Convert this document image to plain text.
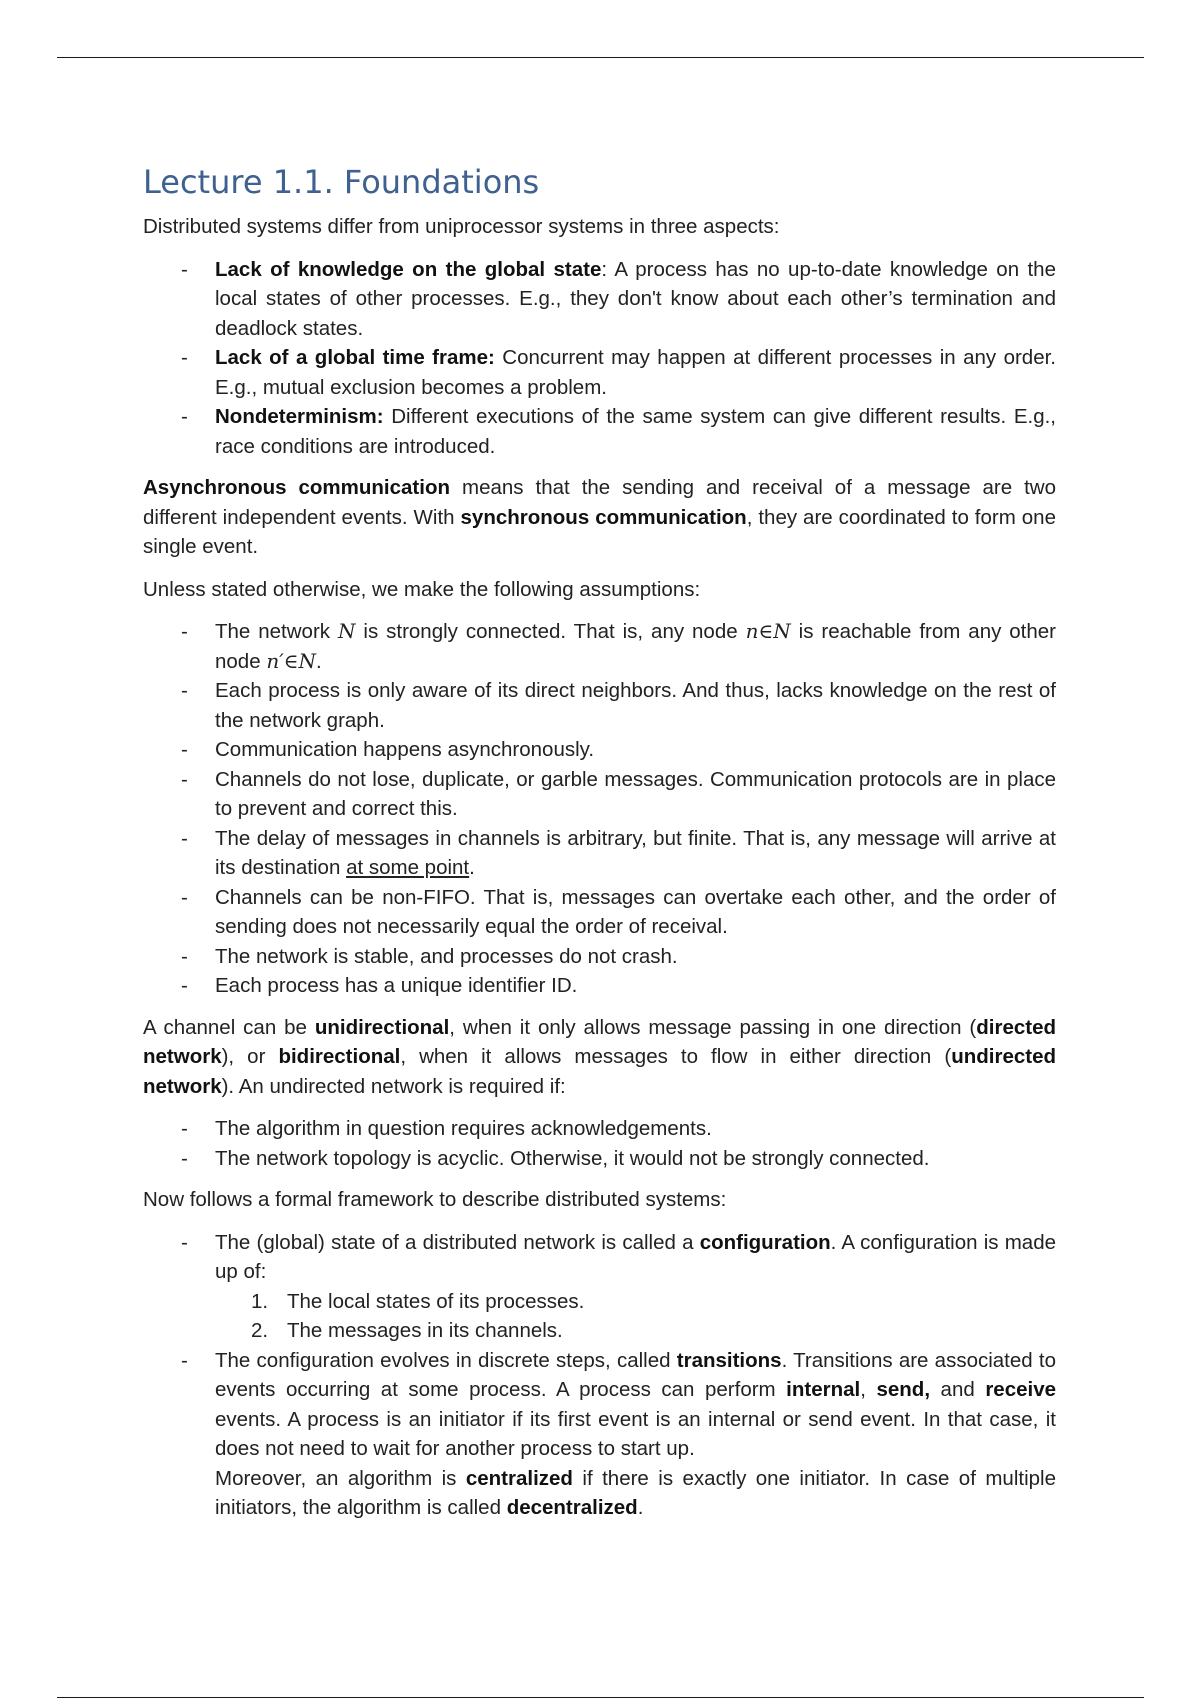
Lecture 1.1. Foundations

Distributed systems differ from uniprocessor systems in three aspects:

- Lack of knowledge on the global state: A process has no up-to-date knowledge on the local states of other processes. E.g., they don't know about each other’s termination and deadlock states.
- Lack of a global time frame: Concurrent may happen at different processes in any order. E.g., mutual exclusion becomes a problem.
- Nondeterminism: Different executions of the same system can give different results. E.g., race conditions are introduced.

Asynchronous communication means that the sending and receival of a message are two different independent events. With synchronous communication, they are coordinated to form one single event.

Unless stated otherwise, we make the following assumptions:

- The network N is strongly connected. That is, any node n∈N is reachable from any other node n′∈N.
- Each process is only aware of its direct neighbors. And thus, lacks knowledge on the rest of the network graph.
- Communication happens asynchronously.
- Channels do not lose, duplicate, or garble messages. Communication protocols are in place to prevent and correct this.
- The delay of messages in channels is arbitrary, but finite. That is, any message will arrive at its destination at some point.
- Channels can be non-FIFO. That is, messages can overtake each other, and the order of sending does not necessarily equal the order of receival.
- The network is stable, and processes do not crash.
- Each process has a unique identifier ID.

A channel can be unidirectional, when it only allows message passing in one direction (directed network), or bidirectional, when it allows messages to flow in either direction (undirected network). An undirected network is required if:

- The algorithm in question requires acknowledgements.
- The network topology is acyclic. Otherwise, it would not be strongly connected.

Now follows a formal framework to describe distributed systems:

- The (global) state of a distributed network is called a configuration. A configuration is made up of:
1. The local states of its processes.
2. The messages in its channels.
- The configuration evolves in discrete steps, called transitions. Transitions are associated to events occurring at some process. A process can perform internal, send, and receive events. A process is an initiator if its first event is an internal or send event. In that case, it does not need to wait for another process to start up.
Moreover, an algorithm is centralized if there is exactly one initiator. In case of multiple initiators, the algorithm is called decentralized.
